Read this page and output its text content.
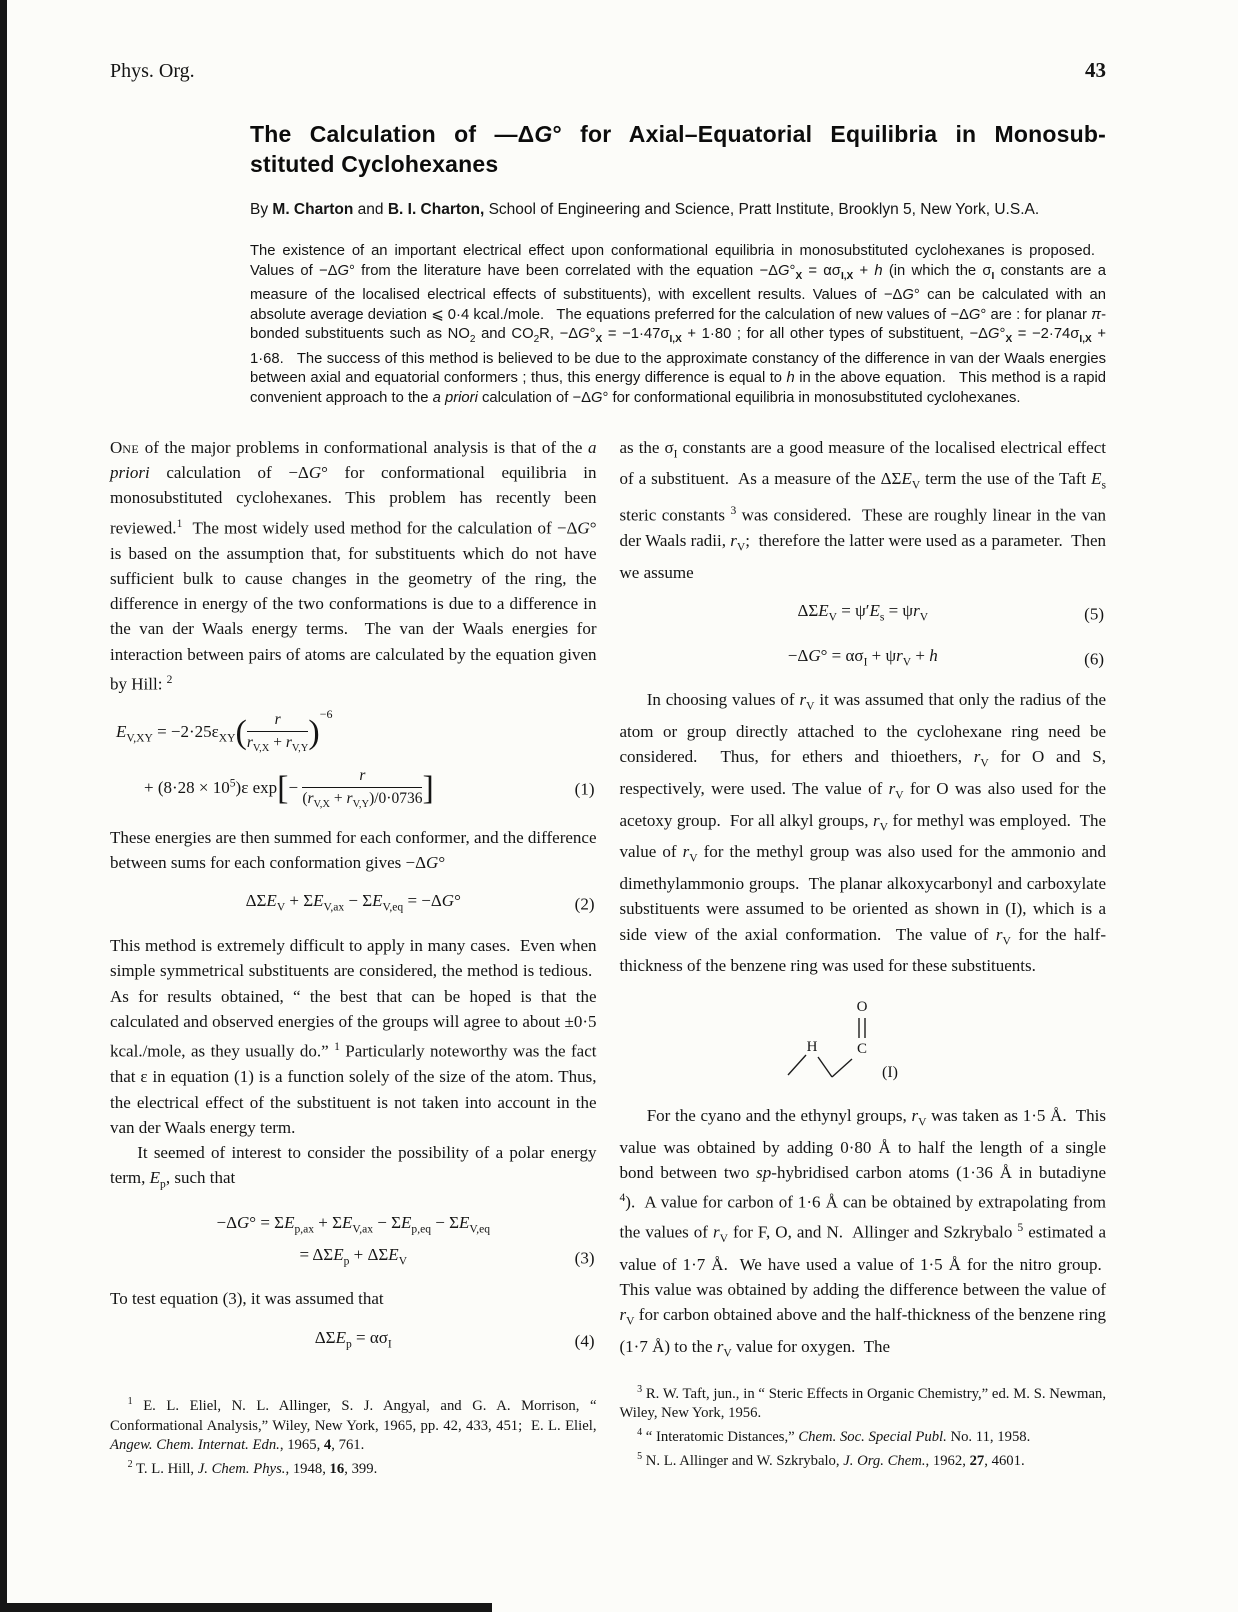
Phys. Org.	43
The Calculation of —ΔG° for Axial–Equatorial Equilibria in Monosub-
stituted Cyclohexanes

By M. Charton and B. I. Charton, School of Engineering and Science, Pratt Institute, Brooklyn 5, New York, U.S.A.

The existence of an important electrical effect upon conformational equilibria in monosubstituted cyclohexanes is proposed.   Values of −ΔG° from the literature have been correlated with the equation $-\Delta G^\circ_X = \alpha\sigma_{I,X} + h$ (in which the $\sigma_I$ constants are a measure of the localised electrical effects of substituents), with excellent results. Values of −ΔG° can be calculated with an absolute average deviation ⩽ 0·4 kcal./mole.   The equations preferred for the calculation of new values of −ΔG° are : for planar π-bonded substituents such as $NO_2$ and $CO_2R$, $-\Delta G^\circ_X = -1\cdot 47\sigma_{I,X} + 1\cdot 80$ ; for all other types of substituent, $-\Delta G^\circ_X = -2\cdot 74\sigma_{I,X} + 1\cdot 68$.   The success of this method is believed to be due to the approximate constancy of the difference in van der Waals energies between axial and equatorial conformers ; thus, this energy difference is equal to h in the above equation.   This method is a rapid convenient approach to the a priori calculation of −ΔG° for conformational equilibria in monosubstituted cyclohexanes.

One of the major problems in conformational analysis is that of the a priori calculation of −ΔG° for conformational equilibria in monosubstituted cyclohexanes. This problem has recently been reviewed.$^1$  The most widely used method for the calculation of −ΔG° is based on the assumption that, for substituents which do not have sufficient bulk to cause changes in the geometry of the ring, the difference in energy of the two conformations is due to a difference in the van der Waals energy terms.  The van der Waals energies for interaction between pairs of atoms are calculated by the equation given by Hill: $^2$

$E_{V,XY} = -2\cdot 25\varepsilon_{XY}( \frac{r}{r_{V,X} + r_{V,Y}} )^{-6}$
+ $(8\cdot 28 \times 10^5)\varepsilon$ $\exp[- \frac{r}{(r_{V,X} + r_{V,Y})/0\cdot 0736}$ ]	(1)

These energies are then summed for each conformer, and the difference between sums for each conformation gives −ΔG°

$\Delta\Sigma E_V + \Sigma E_{V,ax} - \Sigma E_{V,eq} = -\Delta G^\circ$	(2)

This method is extremely difficult to apply in many cases.  Even when simple symmetrical substituents are considered, the method is tedious.  As for results obtained, “ the best that can be hoped is that the calculated and observed energies of the groups will agree to about ±0·5 kcal./mole, as they usually do.” $^1$ Particularly noteworthy was the fact that ε in equation (1) is a function solely of the size of the atom. Thus, the electrical effect of the substituent is not taken into account in the van der Waals energy term.

It seemed of interest to consider the possibility of a polar energy term, $E_p$, such that

$-\Delta G^\circ = \Sigma E_{p,ax} + \Sigma E_{V,ax} - \Sigma E_{p,eq} - \Sigma E_{V,eq}$
= $\Delta\Sigma E_p + \Delta\Sigma E_V$	(3)

To test equation (3), it was assumed that

$\Delta\Sigma E_p = \alpha\sigma_I$	(4)

$^1$ E. L. Eliel, N. L. Allinger, S. J. Angyal, and G. A. Morrison, “ Conformational Analysis,” Wiley, New York, 1965, pp. 42, 433, 451;  E. L. Eliel, Angew. Chem. Internat. Edn., 1965, 4, 761.

$^2$ T. L. Hill, J. Chem. Phys., 1948, 16, 399.

as the $\sigma_I$ constants are a good measure of the localised electrical effect of a substituent.  As a measure of the $\Delta\Sigma E_V$ term the use of the Taft $E_s$ steric constants $^3$ was considered.  These are roughly linear in the van der Waals radii, $r_V$;  therefore the latter were used as a parameter.  Then we assume

$\Delta\Sigma E_V = \psi'E_s = \psi r_V$	(5)
$-\Delta G^\circ = \alpha\sigma_I + \psi r_V + h$	(6)

In choosing values of $r_V$ it was assumed that only the radius of the atom or group directly attached to the cyclohexane ring need be considered.  Thus, for ethers and thioethers, $r_V$ for O and S, respectively, were used. The value of $r_V$ for O was also used for the acetoxy group.  For all alkyl groups, $r_V$ for methyl was employed.  The value of $r_V$ for the methyl group was also used for the ammonio and dimethylammonio groups.  The planar alkoxycarbonyl and carboxylate substituents were assumed to be oriented as shown in (I), which is a side view of the axial conformation.  The value of $r_V$ for the half-thickness of the benzene ring was used for these substituents.

O
C
H
(I)

For the cyano and the ethynyl groups, $r_V$ was taken as 1·5 Å.  This value was obtained by adding 0·80 Å to half the length of a single bond between two sp-hybridised carbon atoms (1·36 Å in butadiyne $^4$).  A value for carbon of 1·6 Å can be obtained by extrapolating from the values of $r_V$ for F, O, and N.  Allinger and Szkrybalo $^5$ estimated a value of 1·7 Å.  We have used a value of 1·5 Å for the nitro group.  This value was obtained by adding the difference between the value of $r_V$ for carbon obtained above and the half-thickness of the benzene ring (1·7 Å) to the $r_V$ value for oxygen.  The

$^3$ R. W. Taft, jun., in “ Steric Effects in Organic Chemistry,” ed. M. S. Newman, Wiley, New York, 1956.

$^4$ “ Interatomic Distances,” Chem. Soc. Special Publ. No. 11, 1958.

$^5$ N. L. Allinger and W. Szkrybalo, J. Org. Chem., 1962, 27, 4601.
